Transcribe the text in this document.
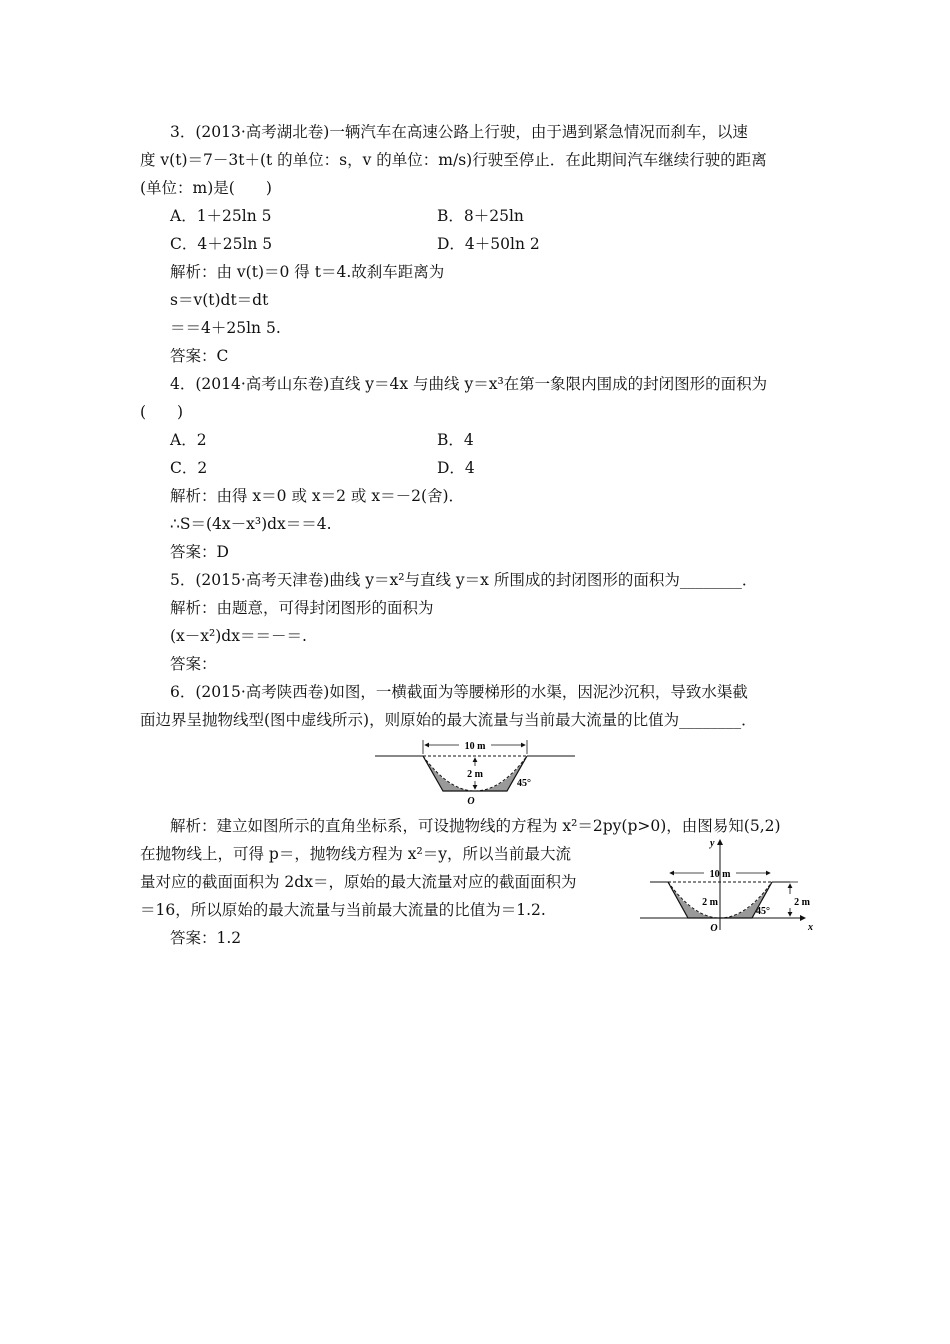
3．(2013·高考湖北卷)一辆汽车在高速公路上行驶，由于遇到紧急情况而刹车，以速
度 v(t)＝7－3t＋(t 的单位：s，v 的单位：m/s)行驶至停止．在此期间汽车继续行驶的距离
(单位：m)是(　　)
A．1＋25ln 5	B．8＋25ln
C．4＋25ln 5	D．4＋50ln 2
解析：由 v(t)＝0 得 t＝4.故刹车距离为
s＝v(t)dt＝dt
＝＝4＋25ln 5.
答案：C
4．(2014·高考山东卷)直线 y＝4x 与曲线 y＝x³在第一象限内围成的封闭图形的面积为
(　　)
A．2	B．4
C．2	D．4
解析：由得 x＝0 或 x＝2 或 x＝－2(舍)．
∴S＝(4x－x³)dx＝＝4.
答案：D
5．(2015·高考天津卷)曲线 y＝x²与直线 y＝x 所围成的封闭图形的面积为________．
解析：由题意，可得封闭图形的面积为
(x－x²)dx＝＝－＝.
答案：
6．(2015·高考陕西卷)如图，一横截面为等腰梯形的水渠，因泥沙沉积，导致水渠截
面边界呈抛物线型(图中虚线所示)，则原始的最大流量与当前最大流量的比值为________．
10 m
2 m
45°
O
解析：建立如图所示的直角坐标系，可设抛物线的方程为 x²＝2py(p>0)，由图易知(5,2)
在抛物线上，可得 p＝，抛物线方程为 x²＝y，所以当前最大流
量对应的截面面积为 2dx＝，原始的最大流量对应的截面面积为
＝16，所以原始的最大流量与当前最大流量的比值为＝1.2.
x
y
10 m
2 m	2 m
45°
O
答案：1.2
